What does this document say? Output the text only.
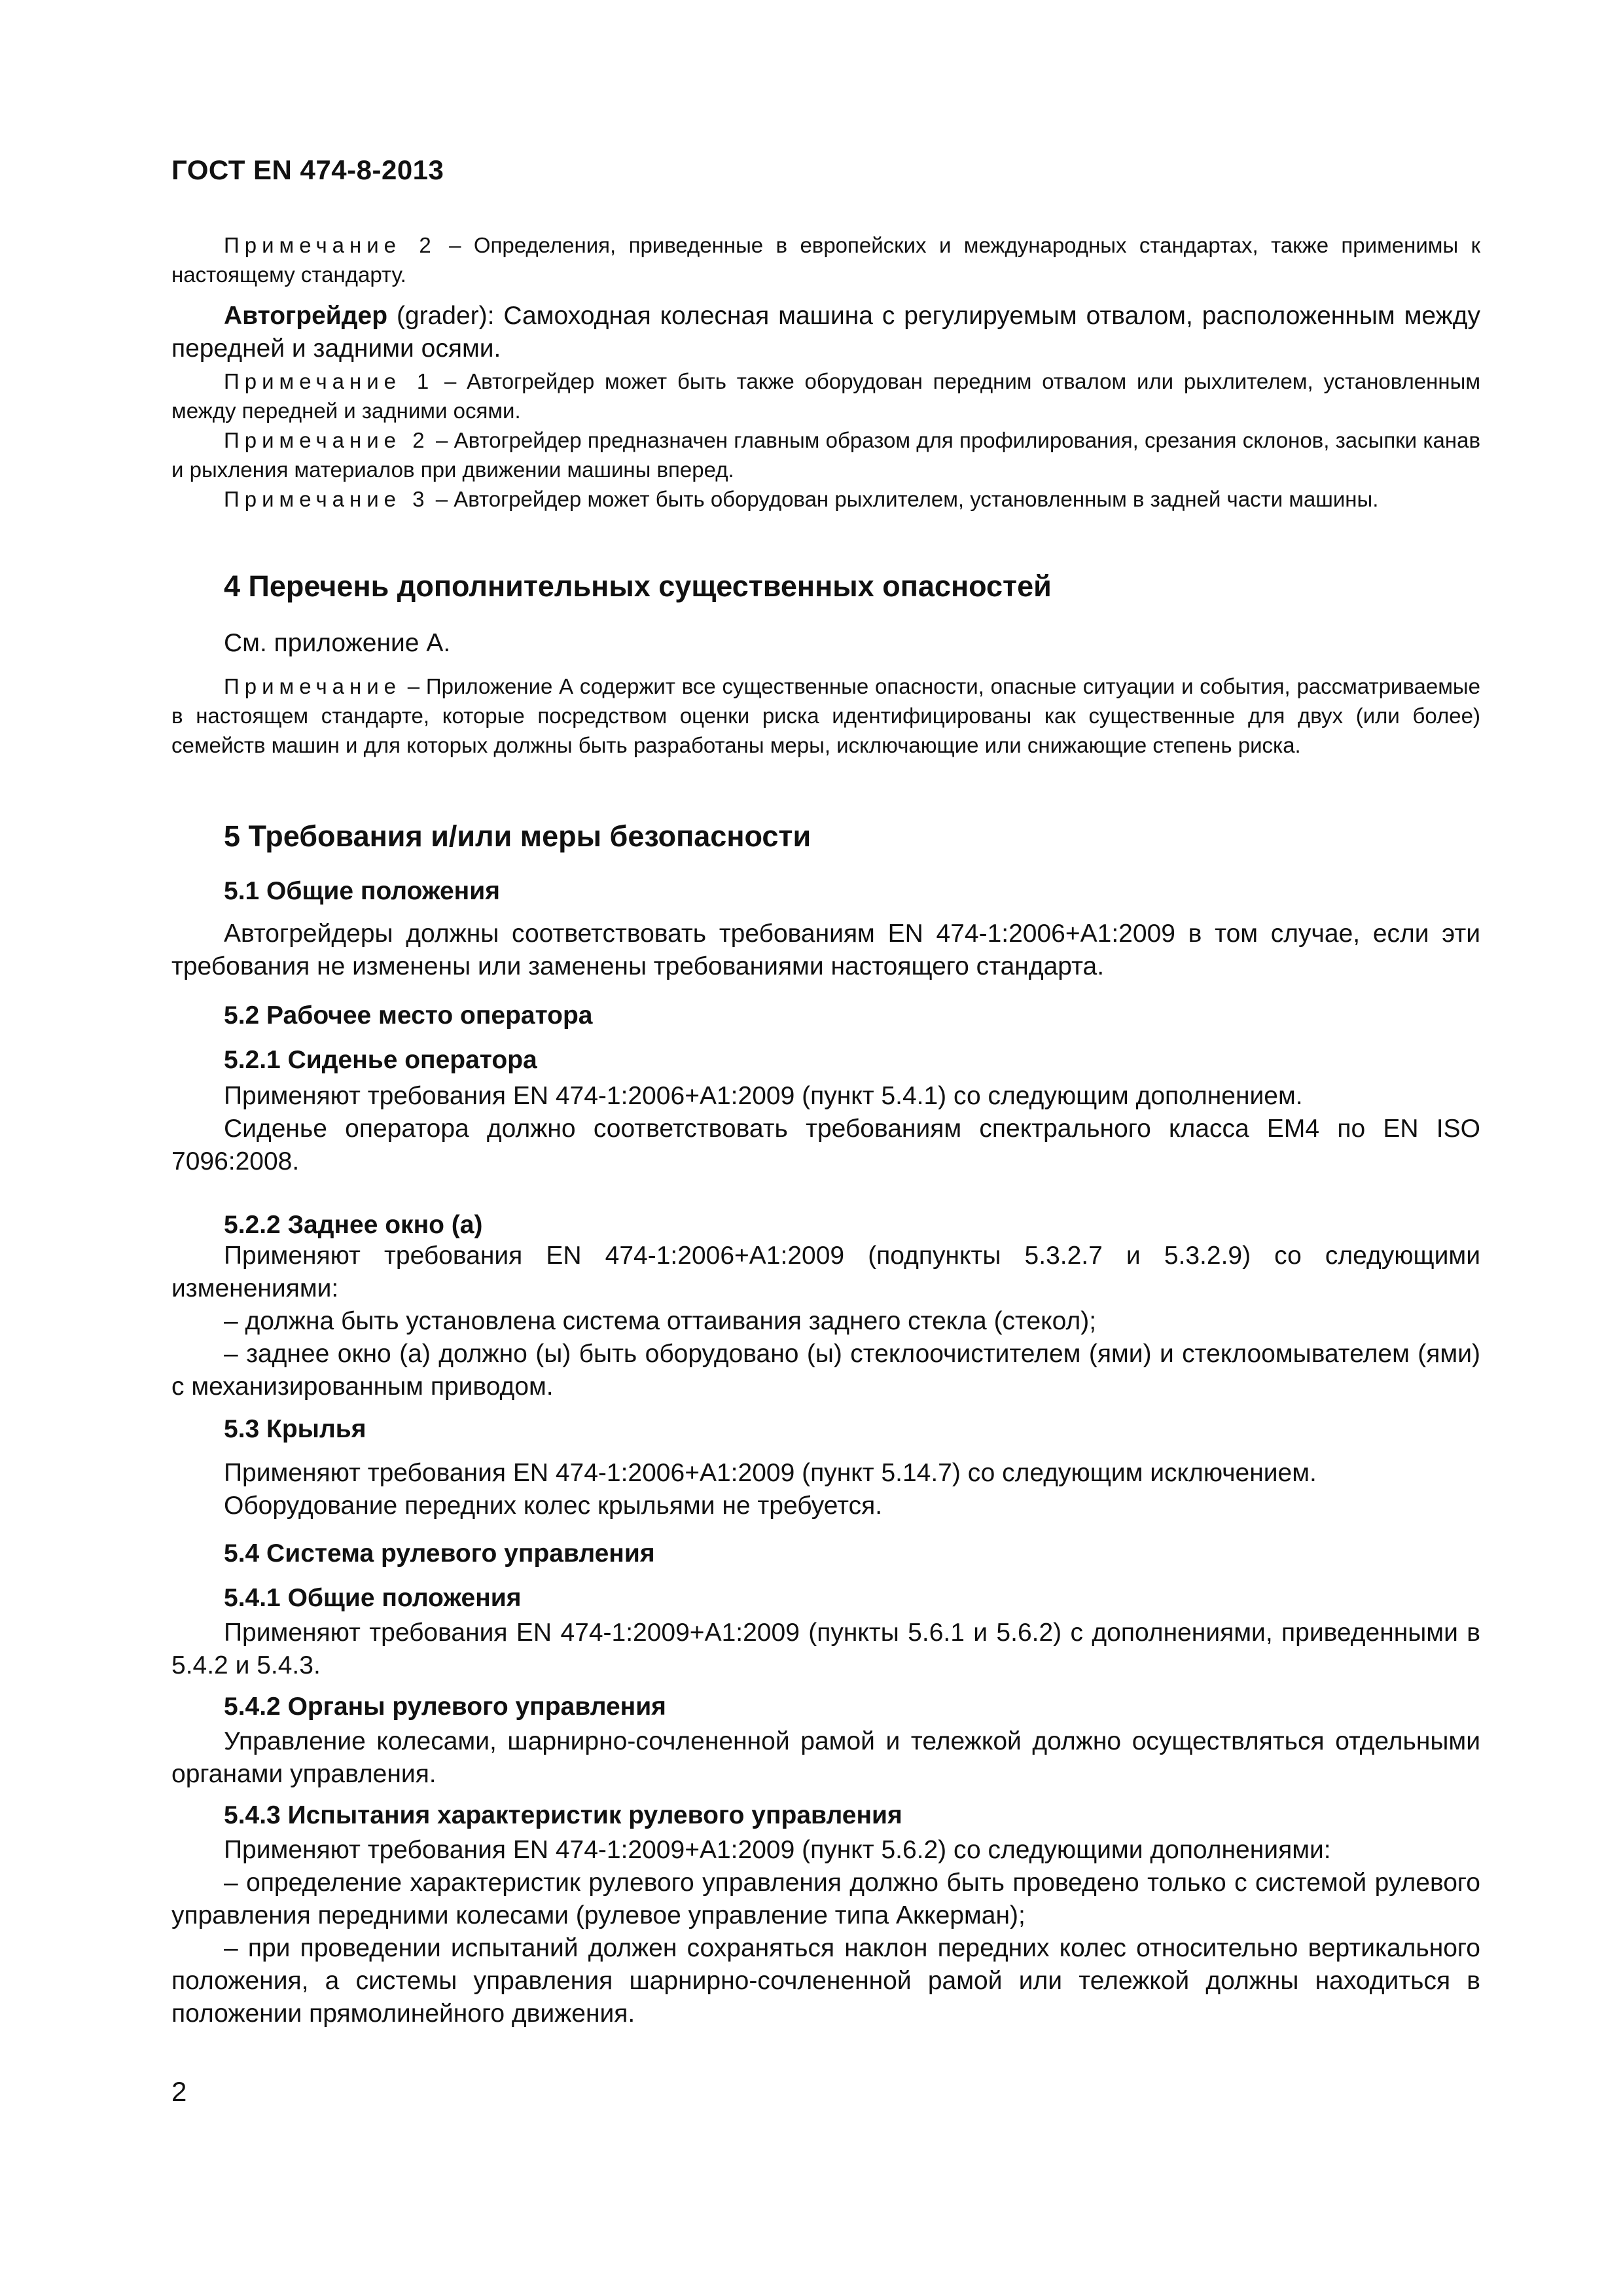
ГОСТ EN 474-8-2013

Примечание 2 – Определения, приведенные в европейских и международных стандартах, также применимы к настоящему стандарту.

Автогрейдер (grader): Самоходная колесная машина с регулируемым отвалом, расположенным между передней и задними осями.

Примечание 1 – Автогрейдер может быть также оборудован передним отвалом или рыхлителем, установленным между передней и задними осями.

Примечание 2 – Автогрейдер предназначен главным образом для профилирования, срезания склонов, засыпки канав и рыхления материалов при движении машины вперед.

Примечание 3 – Автогрейдер может быть оборудован рыхлителем, установленным в задней части машины.

4 Перечень дополнительных существенных опасностей

См. приложение А.

Примечание – Приложение А содержит все существенные опасности, опасные ситуации и события, рассматриваемые в настоящем стандарте, которые посредством оценки риска идентифицированы как существенные для двух (или более) семейств машин и для которых должны быть разработаны меры, исключающие или снижающие степень риска.

5 Требования и/или меры безопасности

5.1 Общие положения

Автогрейдеры должны соответствовать требованиям EN 474-1:2006+A1:2009 в том случае, если эти требования не изменены или заменены требованиями настоящего стандарта.

5.2 Рабочее место оператора

5.2.1 Сиденье оператора

Применяют требования EN 474-1:2006+A1:2009 (пункт 5.4.1) со следующим дополнением.

Сиденье оператора должно соответствовать требованиям спектрального класса ЕМ4 по EN ISO 7096:2008.

5.2.2 Заднее окно (а)

Применяют требования EN 474-1:2006+A1:2009 (подпункты 5.3.2.7 и 5.3.2.9) со следующими изменениями:

– должна быть установлена система оттаивания заднего стекла (стекол);

– заднее окно (а) должно (ы) быть оборудовано (ы) стеклоочистителем (ями) и стеклоомывателем (ями) с механизированным приводом.

5.3 Крылья

Применяют требования EN 474-1:2006+A1:2009 (пункт 5.14.7) со следующим исключением.

Оборудование передних колес крыльями не требуется.

5.4 Система рулевого управления

5.4.1 Общие положения

Применяют требования EN 474-1:2009+A1:2009 (пункты 5.6.1 и 5.6.2) с дополнениями, приведенными в 5.4.2 и 5.4.3.

5.4.2 Органы рулевого управления

Управление колесами, шарнирно-сочлененной рамой и тележкой должно осуществляться отдельными органами управления.

5.4.3 Испытания характеристик рулевого управления

Применяют требования EN 474-1:2009+A1:2009 (пункт 5.6.2) со следующими дополнениями:

– определение характеристик рулевого управления должно быть проведено только с системой рулевого управления передними колесами (рулевое управление типа Аккерман);

– при проведении испытаний должен сохраняться наклон передних колес относительно вертикального положения, а системы управления шарнирно-сочлененной рамой или тележкой должны находиться в положении прямолинейного движения.

2
